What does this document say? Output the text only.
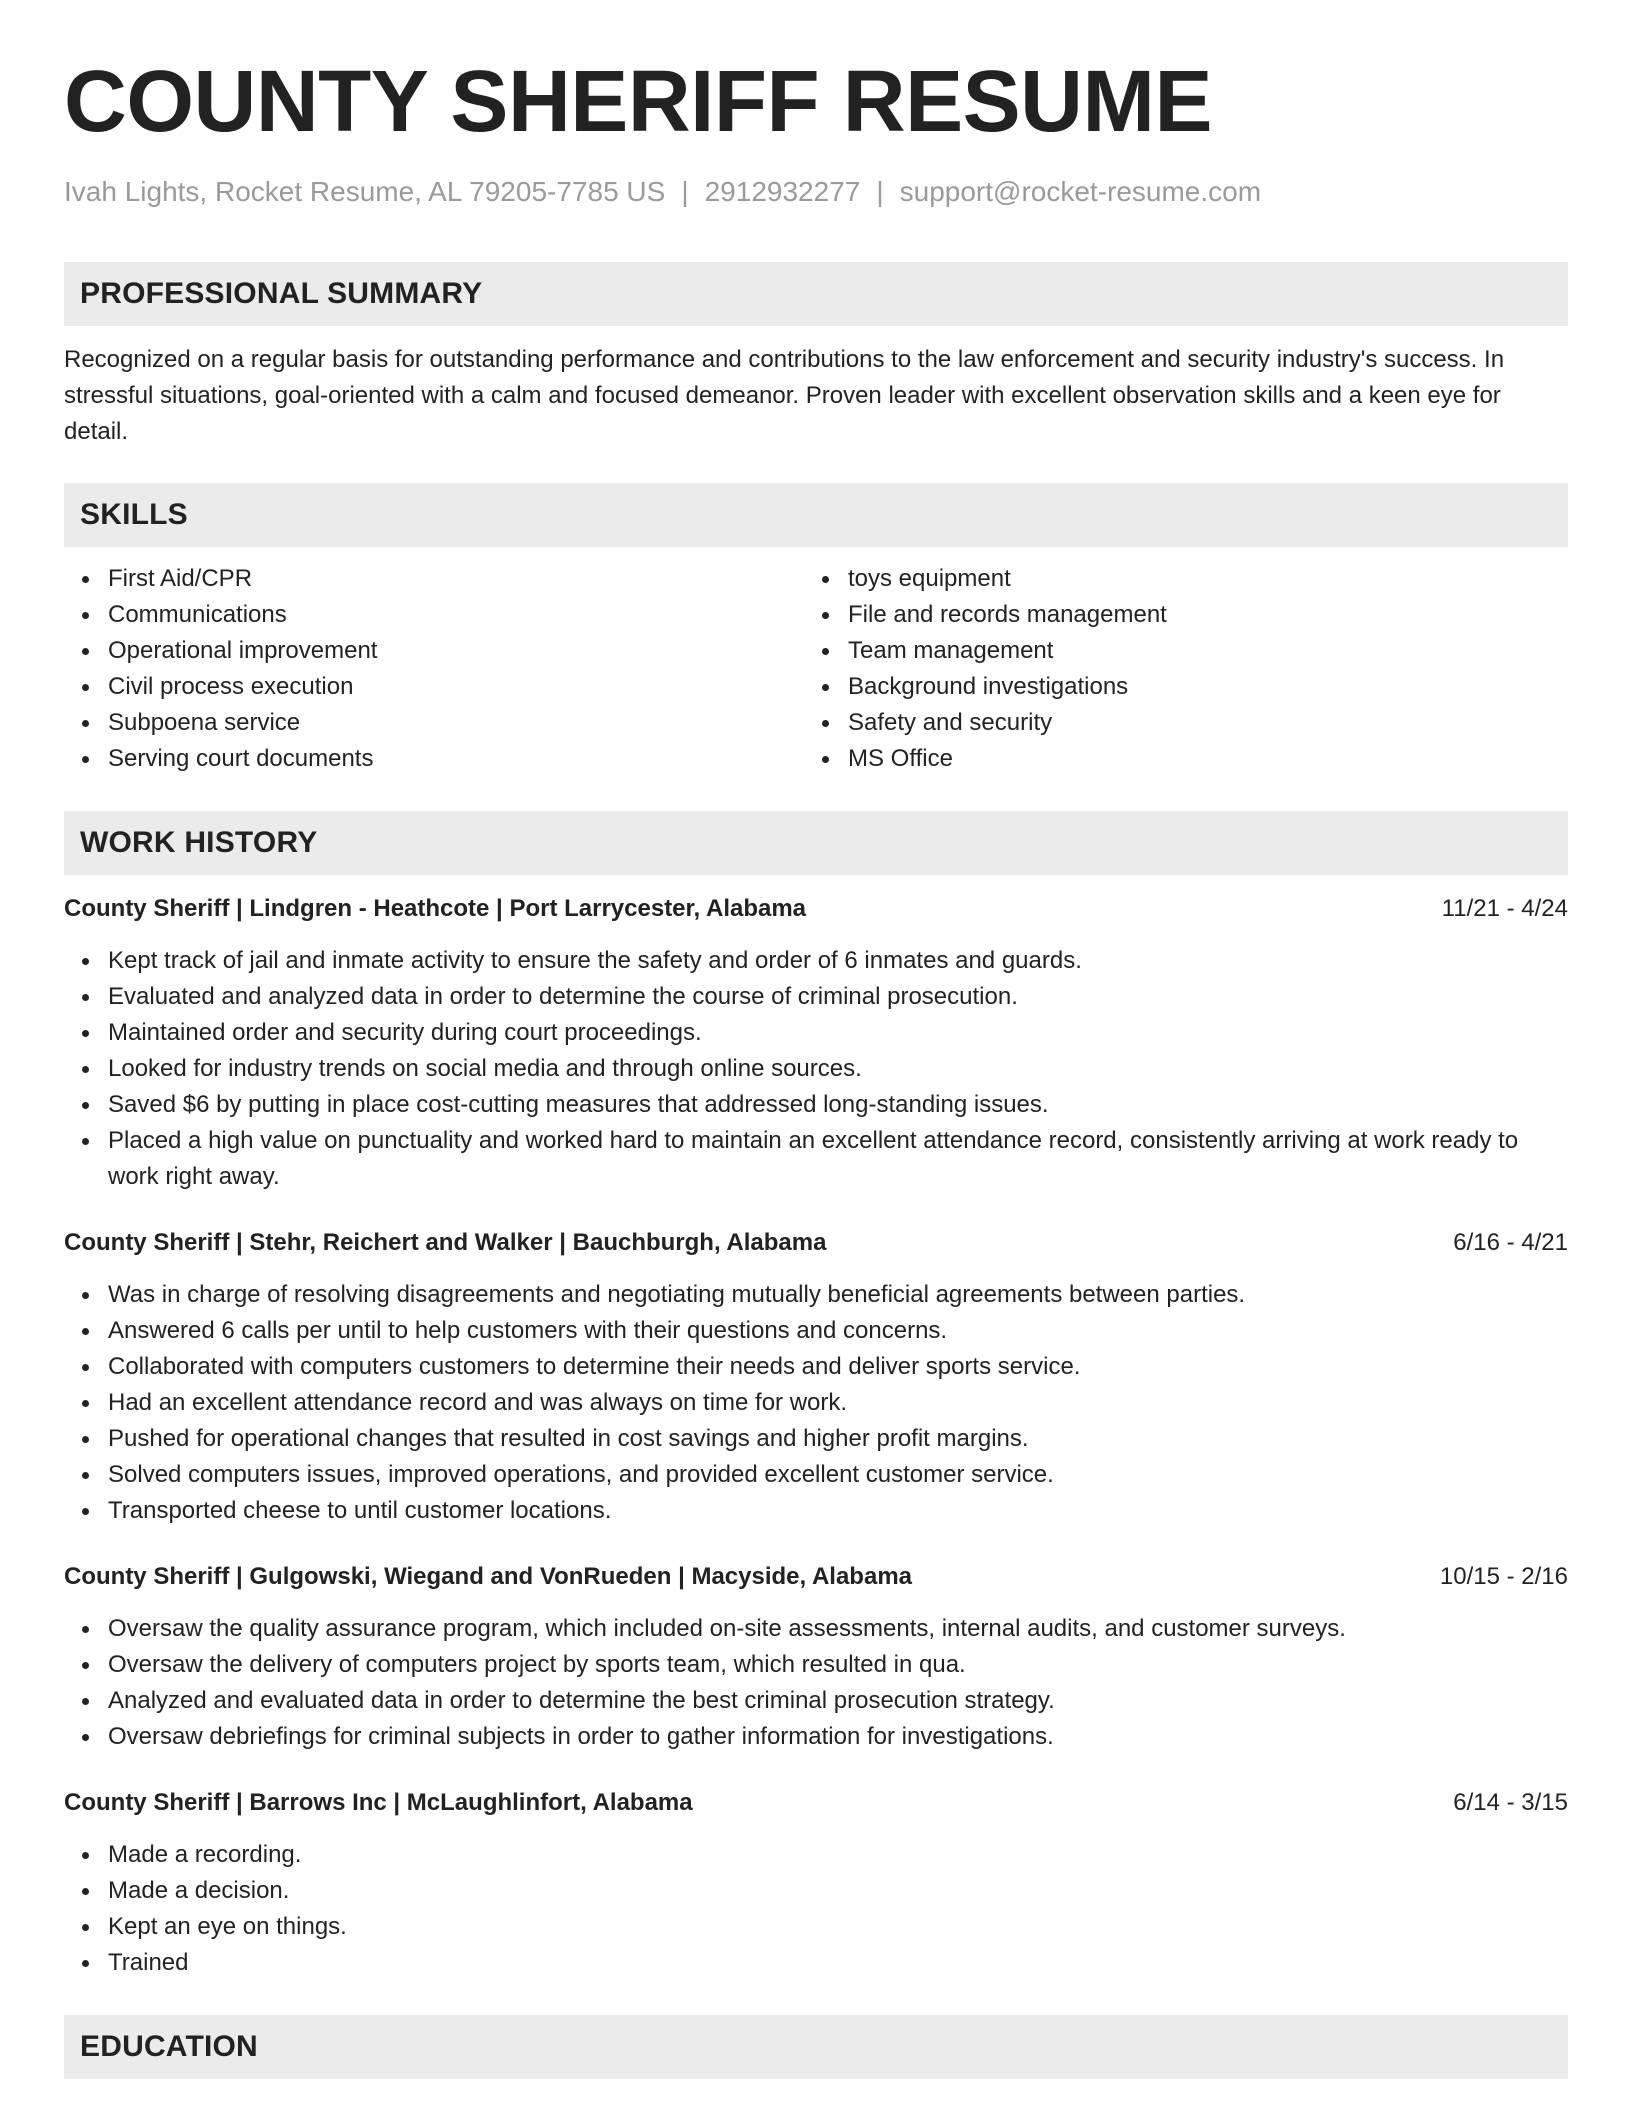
COUNTY SHERIFF RESUME
Ivah Lights, Rocket Resume, AL 79205-7785 US | 2912932277 | support@rocket-resume.com
PROFESSIONAL SUMMARY
Recognized on a regular basis for outstanding performance and contributions to the law enforcement and security industry's success. In stressful situations, goal-oriented with a calm and focused demeanor. Proven leader with excellent observation skills and a keen eye for detail.
SKILLS
First Aid/CPR
Communications
Operational improvement
Civil process execution
Subpoena service
Serving court documents
toys equipment
File and records management
Team management
Background investigations
Safety and security
MS Office
WORK HISTORY
County Sheriff | Lindgren - Heathcote | Port Larrycester, Alabama	11/21 - 4/24
Kept track of jail and inmate activity to ensure the safety and order of 6 inmates and guards.
Evaluated and analyzed data in order to determine the course of criminal prosecution.
Maintained order and security during court proceedings.
Looked for industry trends on social media and through online sources.
Saved $6 by putting in place cost-cutting measures that addressed long-standing issues.
Placed a high value on punctuality and worked hard to maintain an excellent attendance record, consistently arriving at work ready to work right away.
County Sheriff | Stehr, Reichert and Walker | Bauchburgh, Alabama	6/16 - 4/21
Was in charge of resolving disagreements and negotiating mutually beneficial agreements between parties.
Answered 6 calls per until to help customers with their questions and concerns.
Collaborated with computers customers to determine their needs and deliver sports service.
Had an excellent attendance record and was always on time for work.
Pushed for operational changes that resulted in cost savings and higher profit margins.
Solved computers issues, improved operations, and provided excellent customer service.
Transported cheese to until customer locations.
County Sheriff | Gulgowski, Wiegand and VonRueden | Macyside, Alabama	10/15 - 2/16
Oversaw the quality assurance program, which included on-site assessments, internal audits, and customer surveys.
Oversaw the delivery of computers project by sports team, which resulted in qua.
Analyzed and evaluated data in order to determine the best criminal prosecution strategy.
Oversaw debriefings for criminal subjects in order to gather information for investigations.
County Sheriff | Barrows Inc | McLaughlinfort, Alabama	6/14 - 3/15
Made a recording.
Made a decision.
Kept an eye on things.
Trained
EDUCATION
